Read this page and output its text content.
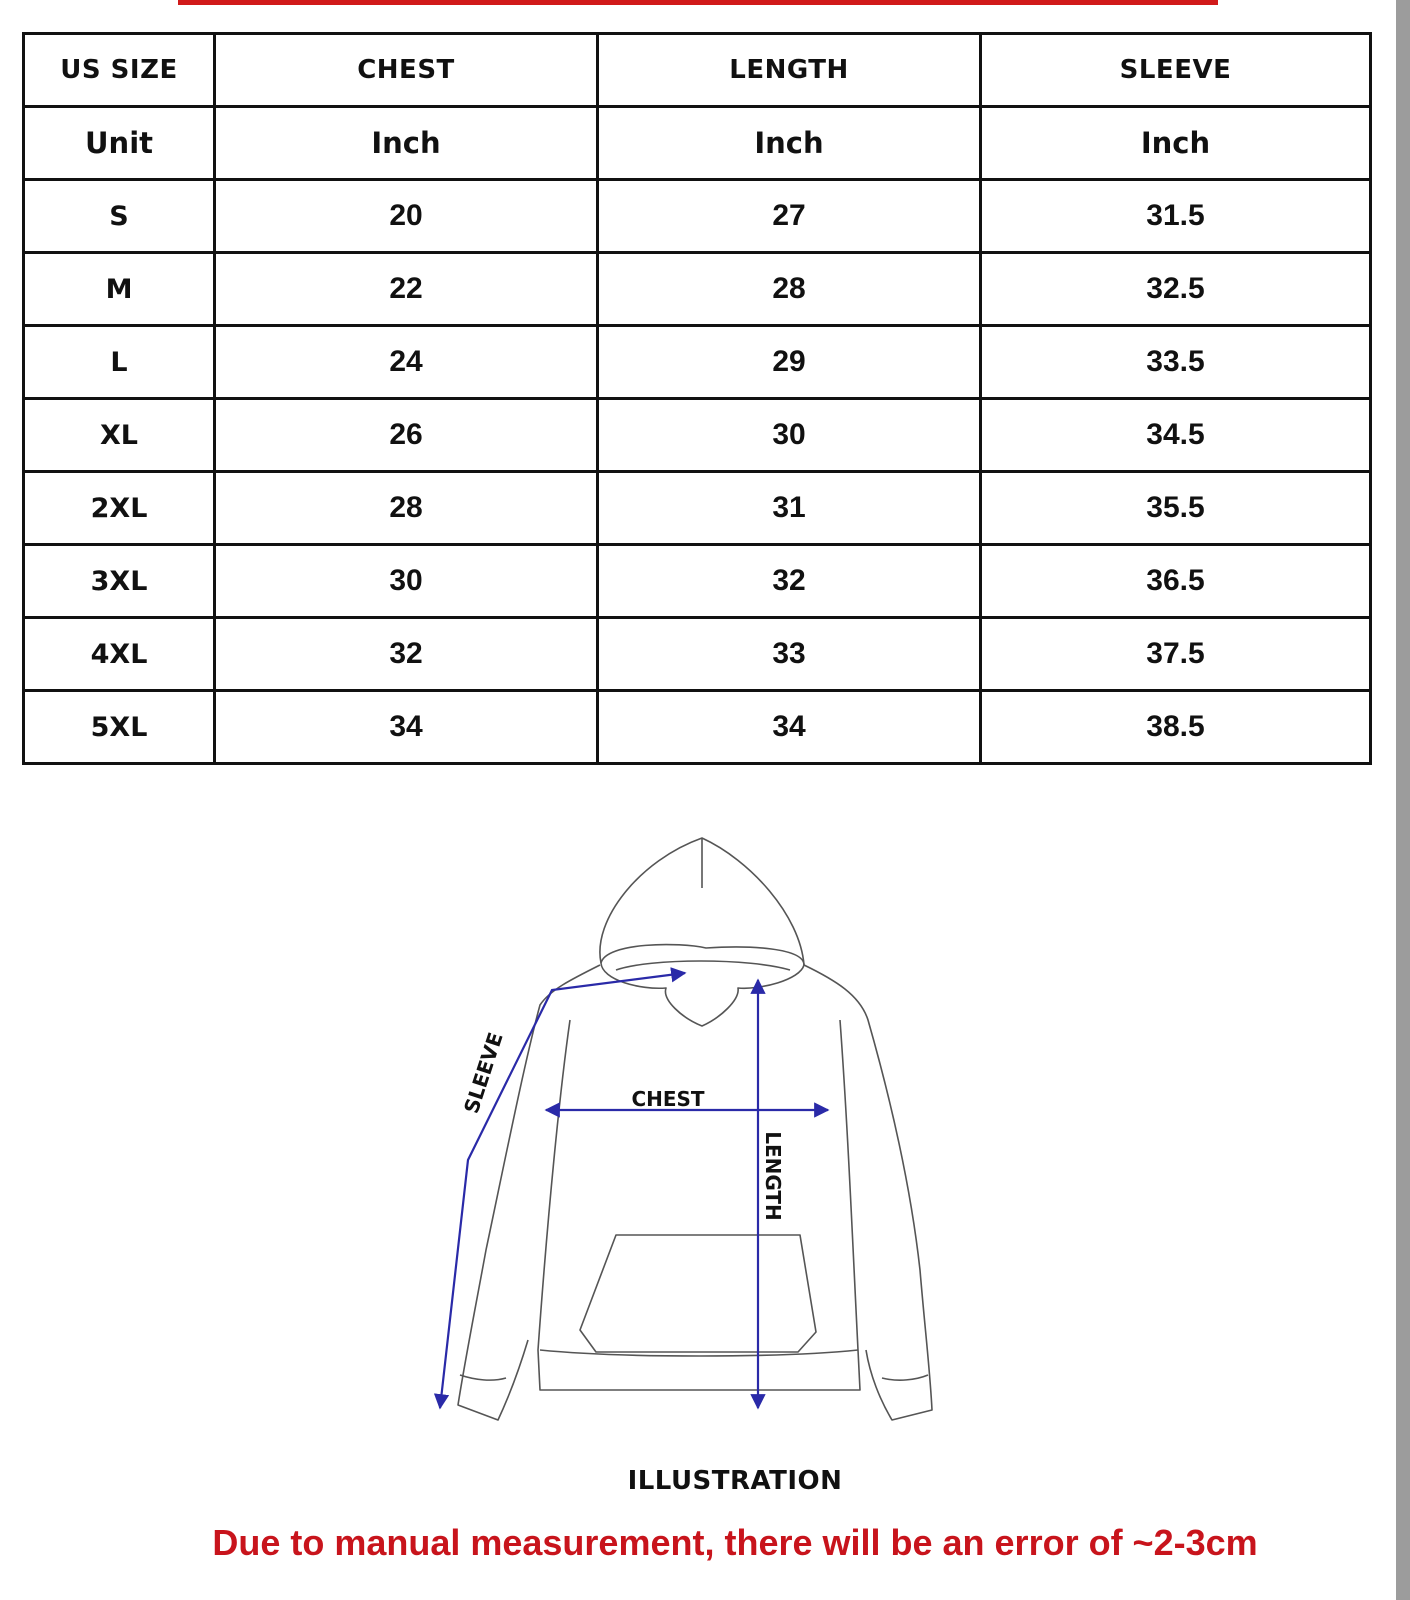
US SIZE	CHEST	LENGTH	SLEEVE
Unit	Inch	Inch	Inch
S	20	27	31.5
M	22	28	32.5
L	24	29	33.5
XL	26	30	34.5
2XL	28	31	35.5
3XL	30	32	36.5
4XL	32	33	37.5
5XL	34	34	38.5
CHEST
LENGTH
SLEEVE
ILLUSTRATION
Due to manual measurement, there will be an error of ~2-3cm
